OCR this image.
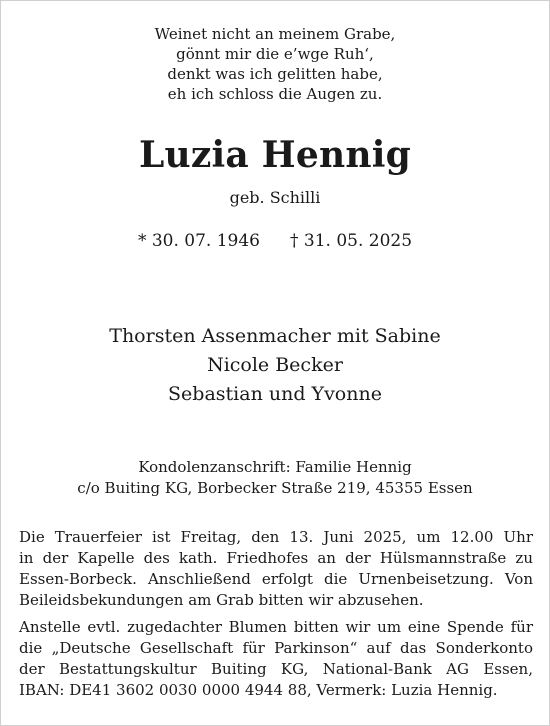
Weinet nicht an meinem Grabe,
gönnt mir die e’wge Ruh‘,
denkt was ich gelitten habe,
eh ich schloss die Augen zu.
Luzia Hennig
geb. Schilli
* 30. 07. 1946 † 31. 05. 2025
Thorsten Assenmacher mit Sabine
Nicole Becker
Sebastian und Yvonne
Kondolenzanschrift: Familie Hennig
c/o Buiting KG, Borbecker Straße 219, 45355 Essen
Die Trauerfeier ist Freitag, den 13. Juni 2025, um 12.00 Uhr
in der Kapelle des kath. Friedhofes an der Hülsmannstraße zu
Essen-Borbeck. Anschließend erfolgt die Urnenbeisetzung. Von
Beileidsbekundungen am Grab bitten wir abzusehen.
Anstelle evtl. zugedachter Blumen bitten wir um eine Spende für
die „Deutsche Gesellschaft für Parkinson“ auf das Sonderkonto
der Bestattungskultur Buiting KG, National-Bank AG Essen,
IBAN: DE41 3602 0030 0000 4944 88, Vermerk: Luzia Hennig.
